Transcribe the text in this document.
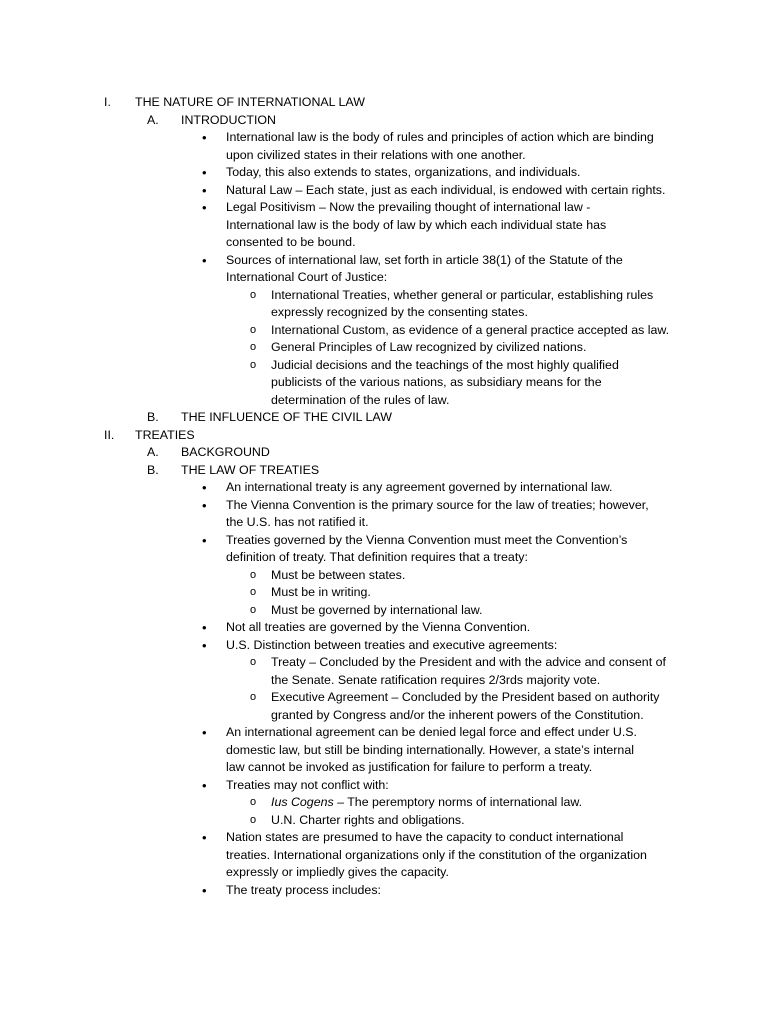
I. THE NATURE OF INTERNATIONAL LAW
A. INTRODUCTION
• International law is the body of rules and principles of action which are binding
upon civilized states in their relations with one another.
• Today, this also extends to states, organizations, and individuals.
• Natural Law – Each state, just as each individual, is endowed with certain rights.
• Legal Positivism – Now the prevailing thought of international law -
International law is the body of law by which each individual state has
consented to be bound.
• Sources of international law, set forth in article 38(1) of the Statute of the
International Court of Justice:
o International Treaties, whether general or particular, establishing rules
expressly recognized by the consenting states.
o International Custom, as evidence of a general practice accepted as law.
o General Principles of Law recognized by civilized nations.
o Judicial decisions and the teachings of the most highly qualified
publicists of the various nations, as subsidiary means for the
determination of the rules of law.
B. THE INFLUENCE OF THE CIVIL LAW
II. TREATIES
A. BACKGROUND
B. THE LAW OF TREATIES
• An international treaty is any agreement governed by international law.
• The Vienna Convention is the primary source for the law of treaties; however,
the U.S. has not ratified it.
• Treaties governed by the Vienna Convention must meet the Convention’s
definition of treaty. That definition requires that a treaty:
o Must be between states.
o Must be in writing.
o Must be governed by international law.
• Not all treaties are governed by the Vienna Convention.
• U.S. Distinction between treaties and executive agreements:
o Treaty – Concluded by the President and with the advice and consent of
the Senate. Senate ratification requires 2/3rds majority vote.
o Executive Agreement – Concluded by the President based on authority
granted by Congress and/or the inherent powers of the Constitution.
• An international agreement can be denied legal force and effect under U.S.
domestic law, but still be binding internationally. However, a state’s internal
law cannot be invoked as justification for failure to perform a treaty.
• Treaties may not conflict with:
o Ius Cogens – The peremptory norms of international law.
o U.N. Charter rights and obligations.
• Nation states are presumed to have the capacity to conduct international
treaties. International organizations only if the constitution of the organization
expressly or impliedly gives the capacity.
• The treaty process includes:
